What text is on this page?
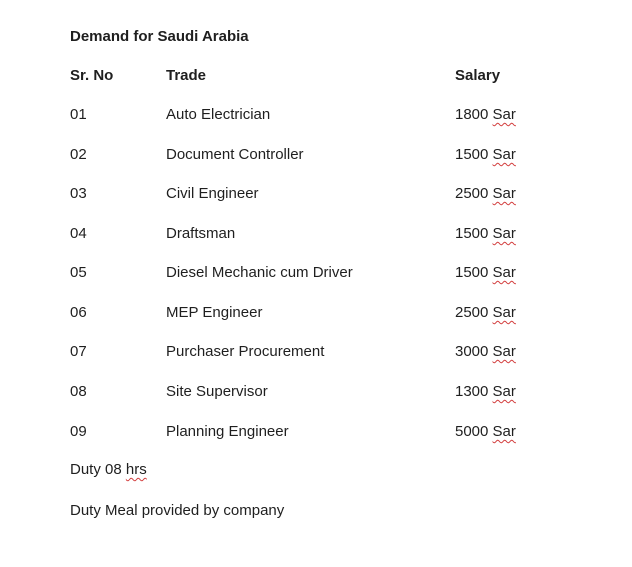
Demand for Saudi Arabia
Sr. No	Trade	Salary
01	Auto Electrician	1800 Sar
02	Document Controller	1500 Sar
03	Civil Engineer	2500 Sar
04	Draftsman	1500 Sar
05	Diesel Mechanic cum Driver	1500 Sar
06	MEP Engineer	2500 Sar
07	Purchaser Procurement	3000 Sar
08	Site Supervisor	1300 Sar
09	Planning Engineer	5000 Sar
Duty 08 hrs
Duty Meal provided by company
